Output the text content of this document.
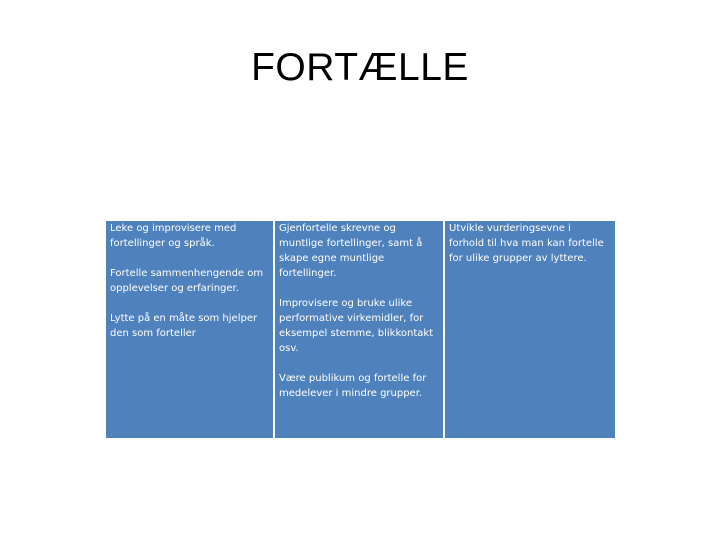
FORTÆLLE

Leke og improvisere med fortellinger og språk.

Fortelle sammenhengende om opplevelser og erfaringer.

Lytte på en måte som hjelper den som forteller

Gjenfortelle skrevne og muntlige fortellinger, samt å skape egne muntlige fortellinger.

Improvisere og bruke ulike performative virkemidler, for eksempel stemme, blikkontakt osv.

Være publikum og fortelle for medelever i mindre grupper.

Utvikle vurderingsevne i forhold til hva man kan fortelle for ulike grupper av lyttere.
